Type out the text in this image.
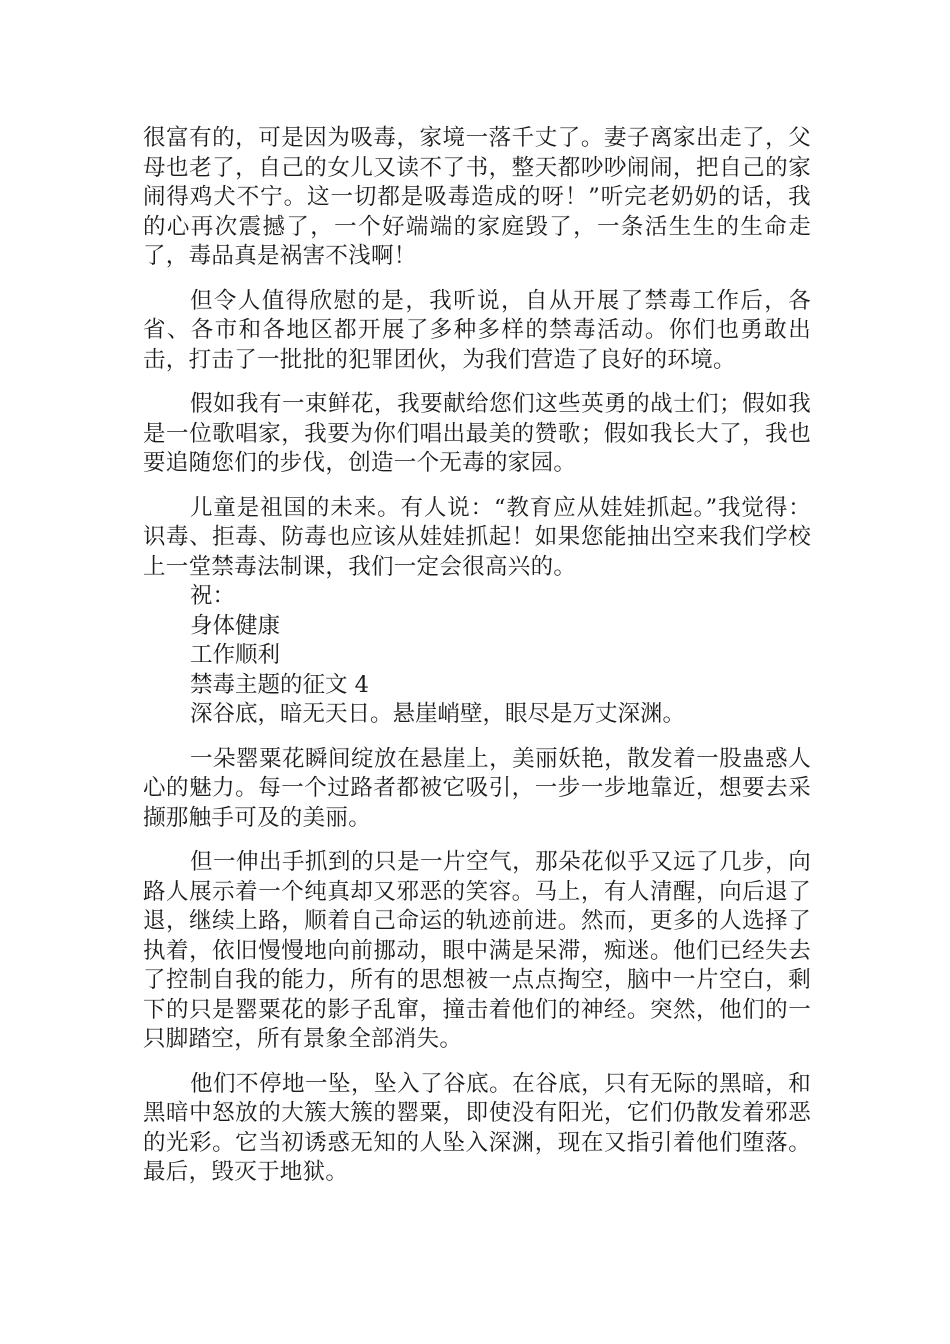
很富有的，可是因为吸毒，家境一落千丈了。妻子离家出走了，父母也老了，自己的女儿又读不了书，整天都吵吵闹闹，把自己的家闹得鸡犬不宁。这一切都是吸毒造成的呀！”听完老奶奶的话，我的心再次震撼了，一个好端端的家庭毁了，一条活生生的生命走了，毒品真是祸害不浅啊！

但令人值得欣慰的是，我听说，自从开展了禁毒工作后，各省、各市和各地区都开展了多种多样的禁毒活动。你们也勇敢出击，打击了一批批的犯罪团伙，为我们营造了良好的环境。

假如我有一束鲜花，我要献给您们这些英勇的战士们；假如我是一位歌唱家，我要为你们唱出最美的赞歌；假如我长大了，我也要追随您们的步伐，创造一个无毒的家园。

儿童是祖国的未来。有人说：“教育应从娃娃抓起。”我觉得：识毒、拒毒、防毒也应该从娃娃抓起！如果您能抽出空来我们学校上一堂禁毒法制课，我们一定会很高兴的。

祝：

身体健康

工作顺利

禁毒主题的征文 4

深谷底，暗无天日。悬崖峭壁，眼尽是万丈深渊。

一朵罂粟花瞬间绽放在悬崖上，美丽妖艳，散发着一股蛊惑人心的魅力。每一个过路者都被它吸引，一步一步地靠近，想要去采撷那触手可及的美丽。

但一伸出手抓到的只是一片空气，那朵花似乎又远了几步，向路人展示着一个纯真却又邪恶的笑容。马上，有人清醒，向后退了退，继续上路，顺着自己命运的轨迹前进。然而，更多的人选择了执着，依旧慢慢地向前挪动，眼中满是呆滞，痴迷。他们已经失去了控制自我的能力，所有的思想被一点点掏空，脑中一片空白，剩下的只是罂粟花的影子乱窜，撞击着他们的神经。突然，他们的一只脚踏空，所有景象全部消失。

他们不停地一坠，坠入了谷底。在谷底，只有无际的黑暗，和黑暗中怒放的大簇大簇的罂粟，即使没有阳光，它们仍散发着邪恶的光彩。它当初诱惑无知的人坠入深渊，现在又指引着他们堕落。最后，毁灭于地狱。
